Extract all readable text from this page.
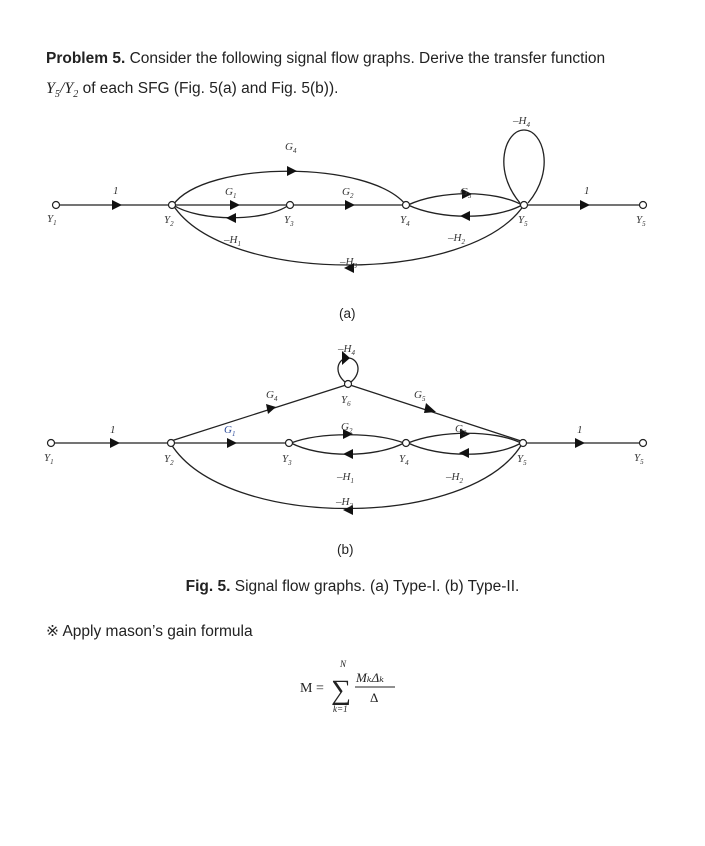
Problem 5. Consider the following signal flow graphs. Derive the transfer function
$Y_5/Y_2$ of each SFG (Fig. 5(a) and Fig. 5(b)).
1	1
$Y_1$	$Y_2$	$Y_3$	$Y_4$	$Y_5$	$Y_5$
$G_1$	$G_2$	$G_3$
$G_4$
$-H_1$	$-H_2$
$-H_3$
$-H_4$
(a)
1	1
$Y_1$	$Y_2$	$Y_3$	$Y_4$	$Y_5$	$Y_5$
$Y_6$
$G_1$
$G_2$	$G_3$
$G_4$	$G_5$
$-H_1$	$-H_2$
$-H_3$
$-H_4$
(b)
M =
N
∑
k=1
MₖΔₖ
Δ
Fig. 5. Signal flow graphs. (a) Type-I. (b) Type-II.
※ Apply mason’s gain formula
